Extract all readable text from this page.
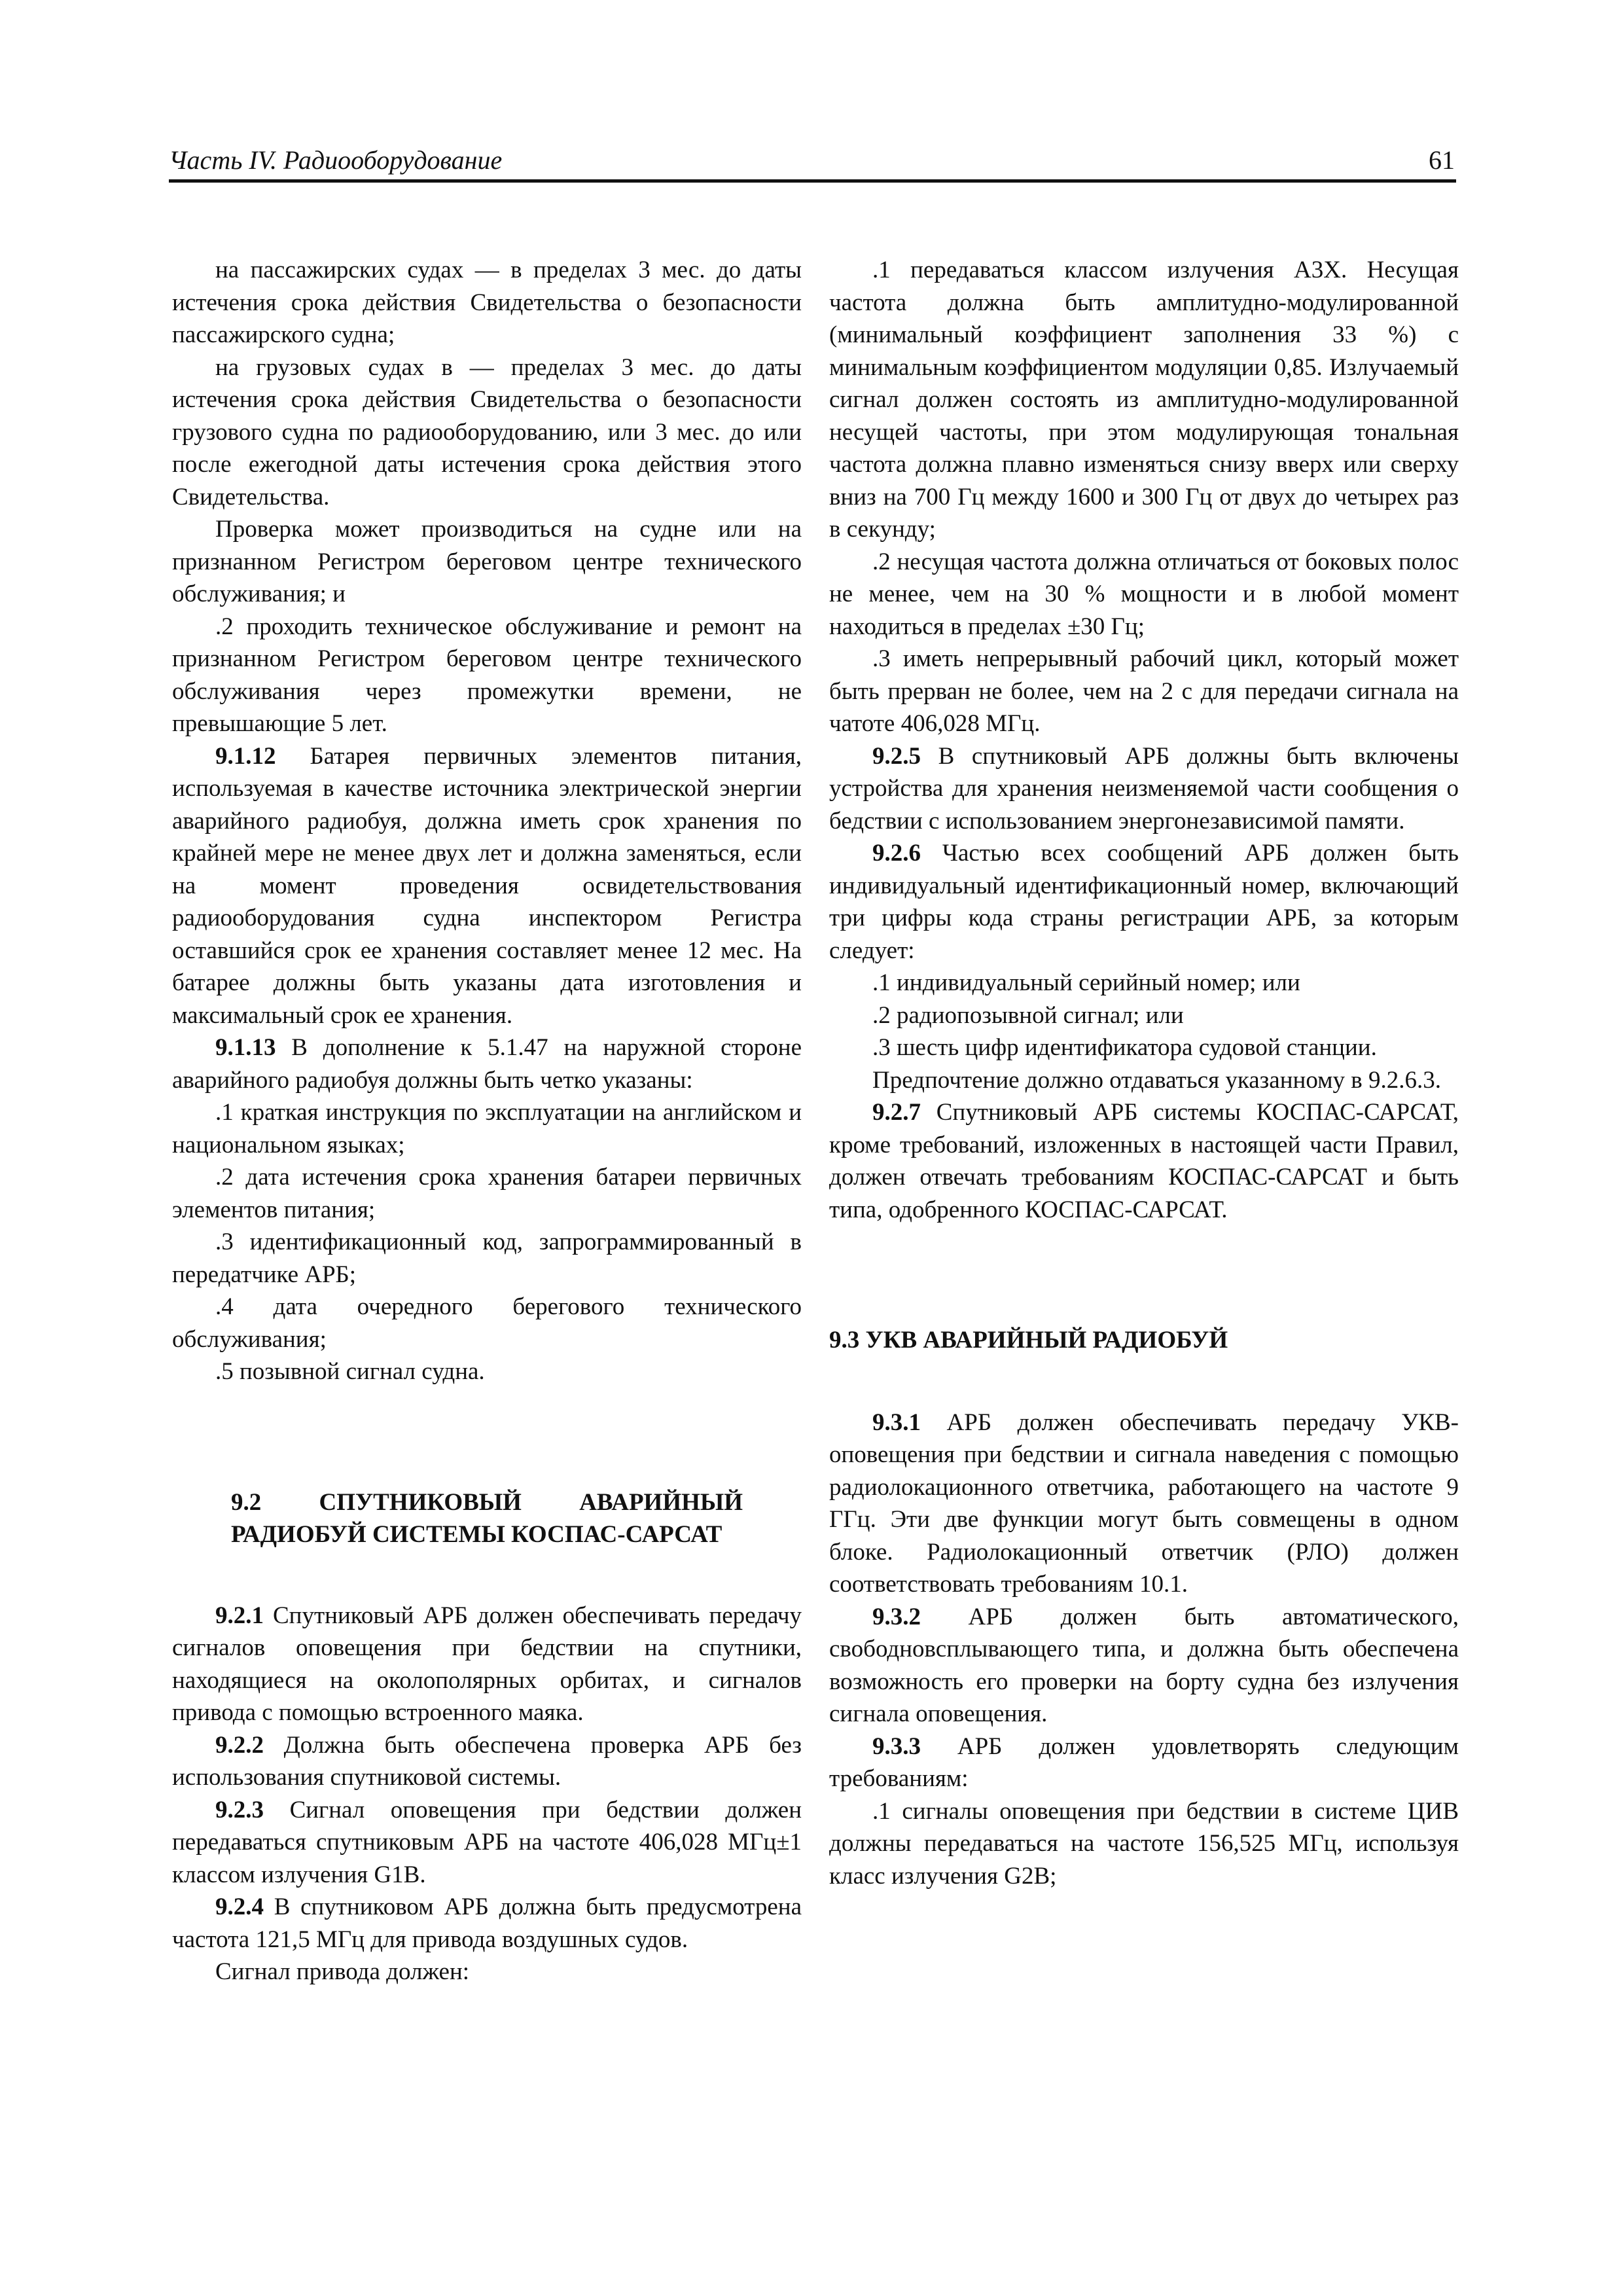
Часть IV. Радиооборудование	61

на пассажирских судах — в пределах 3 мес. до даты истечения срока действия Свидетельства о безопасности пассажирского судна;

на грузовых судах в — пределах 3 мес. до даты истечения срока действия Свидетельства о безопасности грузового судна по радиооборудованию, или 3 мес. до или после ежегодной даты истечения срока действия этого Свидетельства.

Проверка может производиться на судне или на признанном Регистром береговом центре технического обслуживания; и

.2 проходить техническое обслуживание и ремонт на признанном Регистром береговом центре технического обслуживания через промежутки времени, не превышающие 5 лет.

9.1.12 Батарея первичных элементов питания, используемая в качестве источника электрической энергии аварийного радиобуя, должна иметь срок хранения по крайней мере не менее двух лет и должна заменяться, если на момент проведения освидетельствования радиооборудования судна инспектором Регистра оставшийся срок ее хранения составляет менее 12 мес. На батарее должны быть указаны дата изготовления и максимальный срок ее хранения.

9.1.13 В дополнение к 5.1.47 на наружной стороне аварийного радиобуя должны быть четко указаны:

.1 краткая инструкция по эксплуатации на английском и национальном языках;

.2 дата истечения срока хранения батареи первичных элементов питания;

.3 идентификационный код, запрограммированный в передатчике АРБ;

.4 дата очередного берегового технического обслуживания;

.5 позывной сигнал судна.

9.2 СПУТНИКОВЫЙ АВАРИЙНЫЙ РАДИОБУЙ СИСТЕМЫ КОСПАС-САРСАТ

9.2.1 Спутниковый АРБ должен обеспечивать передачу сигналов оповещения при бедствии на спутники, находящиеся на околополярных орбитах, и сигналов привода с помощью встроенного маяка.

9.2.2 Должна быть обеспечена проверка АРБ без использования спутниковой системы.

9.2.3 Сигнал оповещения при бедствии должен передаваться спутниковым АРБ на частоте 406,028 МГц±1 классом излучения G1B.

9.2.4 В спутниковом АРБ должна быть предусмотрена частота 121,5 МГц для привода воздушных судов.

Сигнал привода должен:

.1 передаваться классом излучения A3X. Несущая частота должна быть амплитудно-модулированной (минимальный коэффициент заполнения 33 %) с минимальным коэффициентом модуляции 0,85. Излучаемый сигнал должен состоять из амплитудно-модулированной несущей частоты, при этом модулирующая тональная частота должна плавно изменяться снизу вверх или сверху вниз на 700 Гц между 1600 и 300 Гц от двух до четырех раз в секунду;

.2 несущая частота должна отличаться от боковых полос не менее, чем на 30 % мощности и в любой момент находиться в пределах ±30 Гц;

.3 иметь непрерывный рабочий цикл, который может быть прерван не более, чем на 2 с для передачи сигнала на чатоте 406,028 МГц.

9.2.5 В спутниковый АРБ должны быть включены устройства для хранения неизменяемой части сообщения о бедствии с использованием энергонезависимой памяти.

9.2.6 Частью всех сообщений АРБ должен быть индивидуальный идентификационный номер, включающий три цифры кода страны регистрации АРБ, за которым следует:

.1 индивидуальный серийный номер; или

.2 радиопозывной сигнал; или

.3 шесть цифр идентификатора судовой станции.

Предпочтение должно отдаваться указанному в 9.2.6.3.

9.2.7 Спутниковый АРБ системы КОСПАС-САРСАТ, кроме требований, изложенных в настоящей части Правил, должен отвечать требованиям КОСПАС-САРСАТ и быть типа, одобренного КОСПАС-САРСАТ.

9.3 УКВ АВАРИЙНЫЙ РАДИОБУЙ

9.3.1 АРБ должен обеспечивать передачу УКВ-оповещения при бедствии и сигнала наведения с помощью радиолокационного ответчика, работающего на частоте 9 ГГц. Эти две функции могут быть совмещены в одном блоке. Радиолокационный ответчик (РЛО) должен соответствовать требованиям 10.1.

9.3.2 АРБ должен быть автоматического, свободновсплывающего типа, и должна быть обеспечена возможность его проверки на борту судна без излучения сигнала оповещения.

9.3.3 АРБ должен удовлетворять следующим требованиям:

.1 сигналы оповещения при бедствии в системе ЦИВ должны передаваться на частоте 156,525 МГц, используя класс излучения G2B;
